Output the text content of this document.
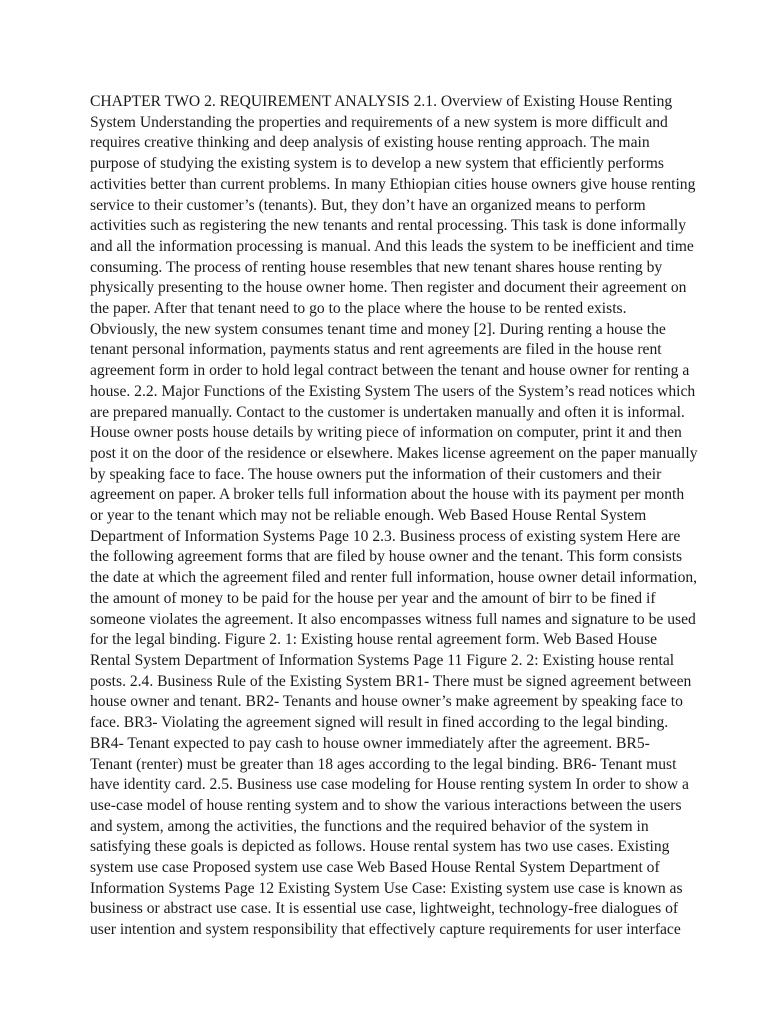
CHAPTER TWO 2. REQUIREMENT ANALYSIS 2.1. Overview of Existing House Renting
System Understanding the properties and requirements of a new system is more difficult and
requires creative thinking and deep analysis of existing house renting approach. The main
purpose of studying the existing system is to develop a new system that efficiently performs
activities better than current problems. In many Ethiopian cities house owners give house renting
service to their customer’s (tenants). But, they don’t have an organized means to perform
activities such as registering the new tenants and rental processing. This task is done informally
and all the information processing is manual. And this leads the system to be inefficient and time
consuming. The process of renting house resembles that new tenant shares house renting by
physically presenting to the house owner home. Then register and document their agreement on
the paper. After that tenant need to go to the place where the house to be rented exists.
Obviously, the new system consumes tenant time and money [2]. During renting a house the
tenant personal information, payments status and rent agreements are filed in the house rent
agreement form in order to hold legal contract between the tenant and house owner for renting a
house. 2.2. Major Functions of the Existing System The users of the System’s read notices which
are prepared manually. Contact to the customer is undertaken manually and often it is informal.
House owner posts house details by writing piece of information on computer, print it and then
post it on the door of the residence or elsewhere. Makes license agreement on the paper manually
by speaking face to face. The house owners put the information of their customers and their
agreement on paper. A broker tells full information about the house with its payment per month
or year to the tenant which may not be reliable enough. Web Based House Rental System
Department of Information Systems Page 10 2.3. Business process of existing system Here are
the following agreement forms that are filed by house owner and the tenant. This form consists
the date at which the agreement filed and renter full information, house owner detail information,
the amount of money to be paid for the house per year and the amount of birr to be fined if
someone violates the agreement. It also encompasses witness full names and signature to be used
for the legal binding. Figure 2. 1: Existing house rental agreement form. Web Based House
Rental System Department of Information Systems Page 11 Figure 2. 2: Existing house rental
posts. 2.4. Business Rule of the Existing System BR1- There must be signed agreement between
house owner and tenant. BR2- Tenants and house owner’s make agreement by speaking face to
face. BR3- Violating the agreement signed will result in fined according to the legal binding.
BR4- Tenant expected to pay cash to house owner immediately after the agreement. BR5-
Tenant (renter) must be greater than 18 ages according to the legal binding. BR6- Tenant must
have identity card. 2.5. Business use case modeling for House renting system In order to show a
use-case model of house renting system and to show the various interactions between the users
and system, among the activities, the functions and the required behavior of the system in
satisfying these goals is depicted as follows. House rental system has two use cases. Existing
system use case Proposed system use case Web Based House Rental System Department of
Information Systems Page 12 Existing System Use Case: Existing system use case is known as
business or abstract use case. It is essential use case, lightweight, technology-free dialogues of
user intention and system responsibility that effectively capture requirements for user interface
